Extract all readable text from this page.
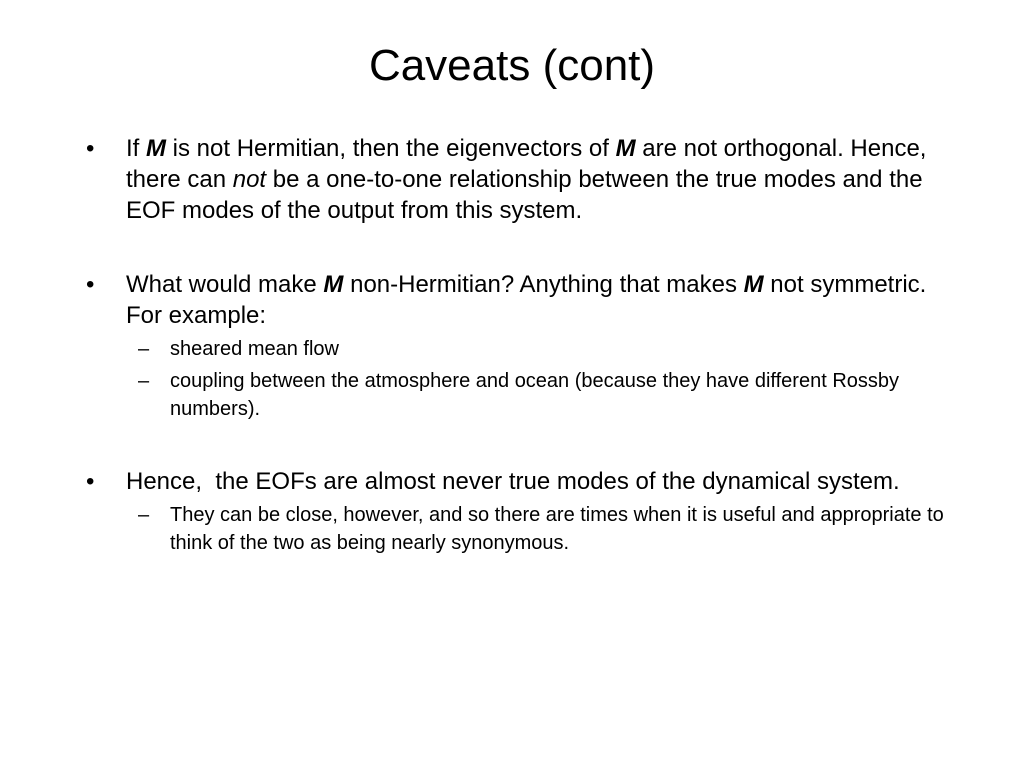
Caveats (cont)
•	If M is not Hermitian, then the eigenvectors of M are not orthogonal. Hence, there can not be a one-to-one relationship between the true modes and the EOF modes of the output from this system.
•	What would make M non-Hermitian? Anything that makes M not symmetric. For example:
– sheared mean flow
– coupling between the atmosphere and ocean (because they have different Rossby numbers).
•	Hence,  the EOFs are almost never true modes of the dynamical system.
– They can be close, however, and so there are times when it is useful and appropriate to think of the two as being nearly synonymous.
